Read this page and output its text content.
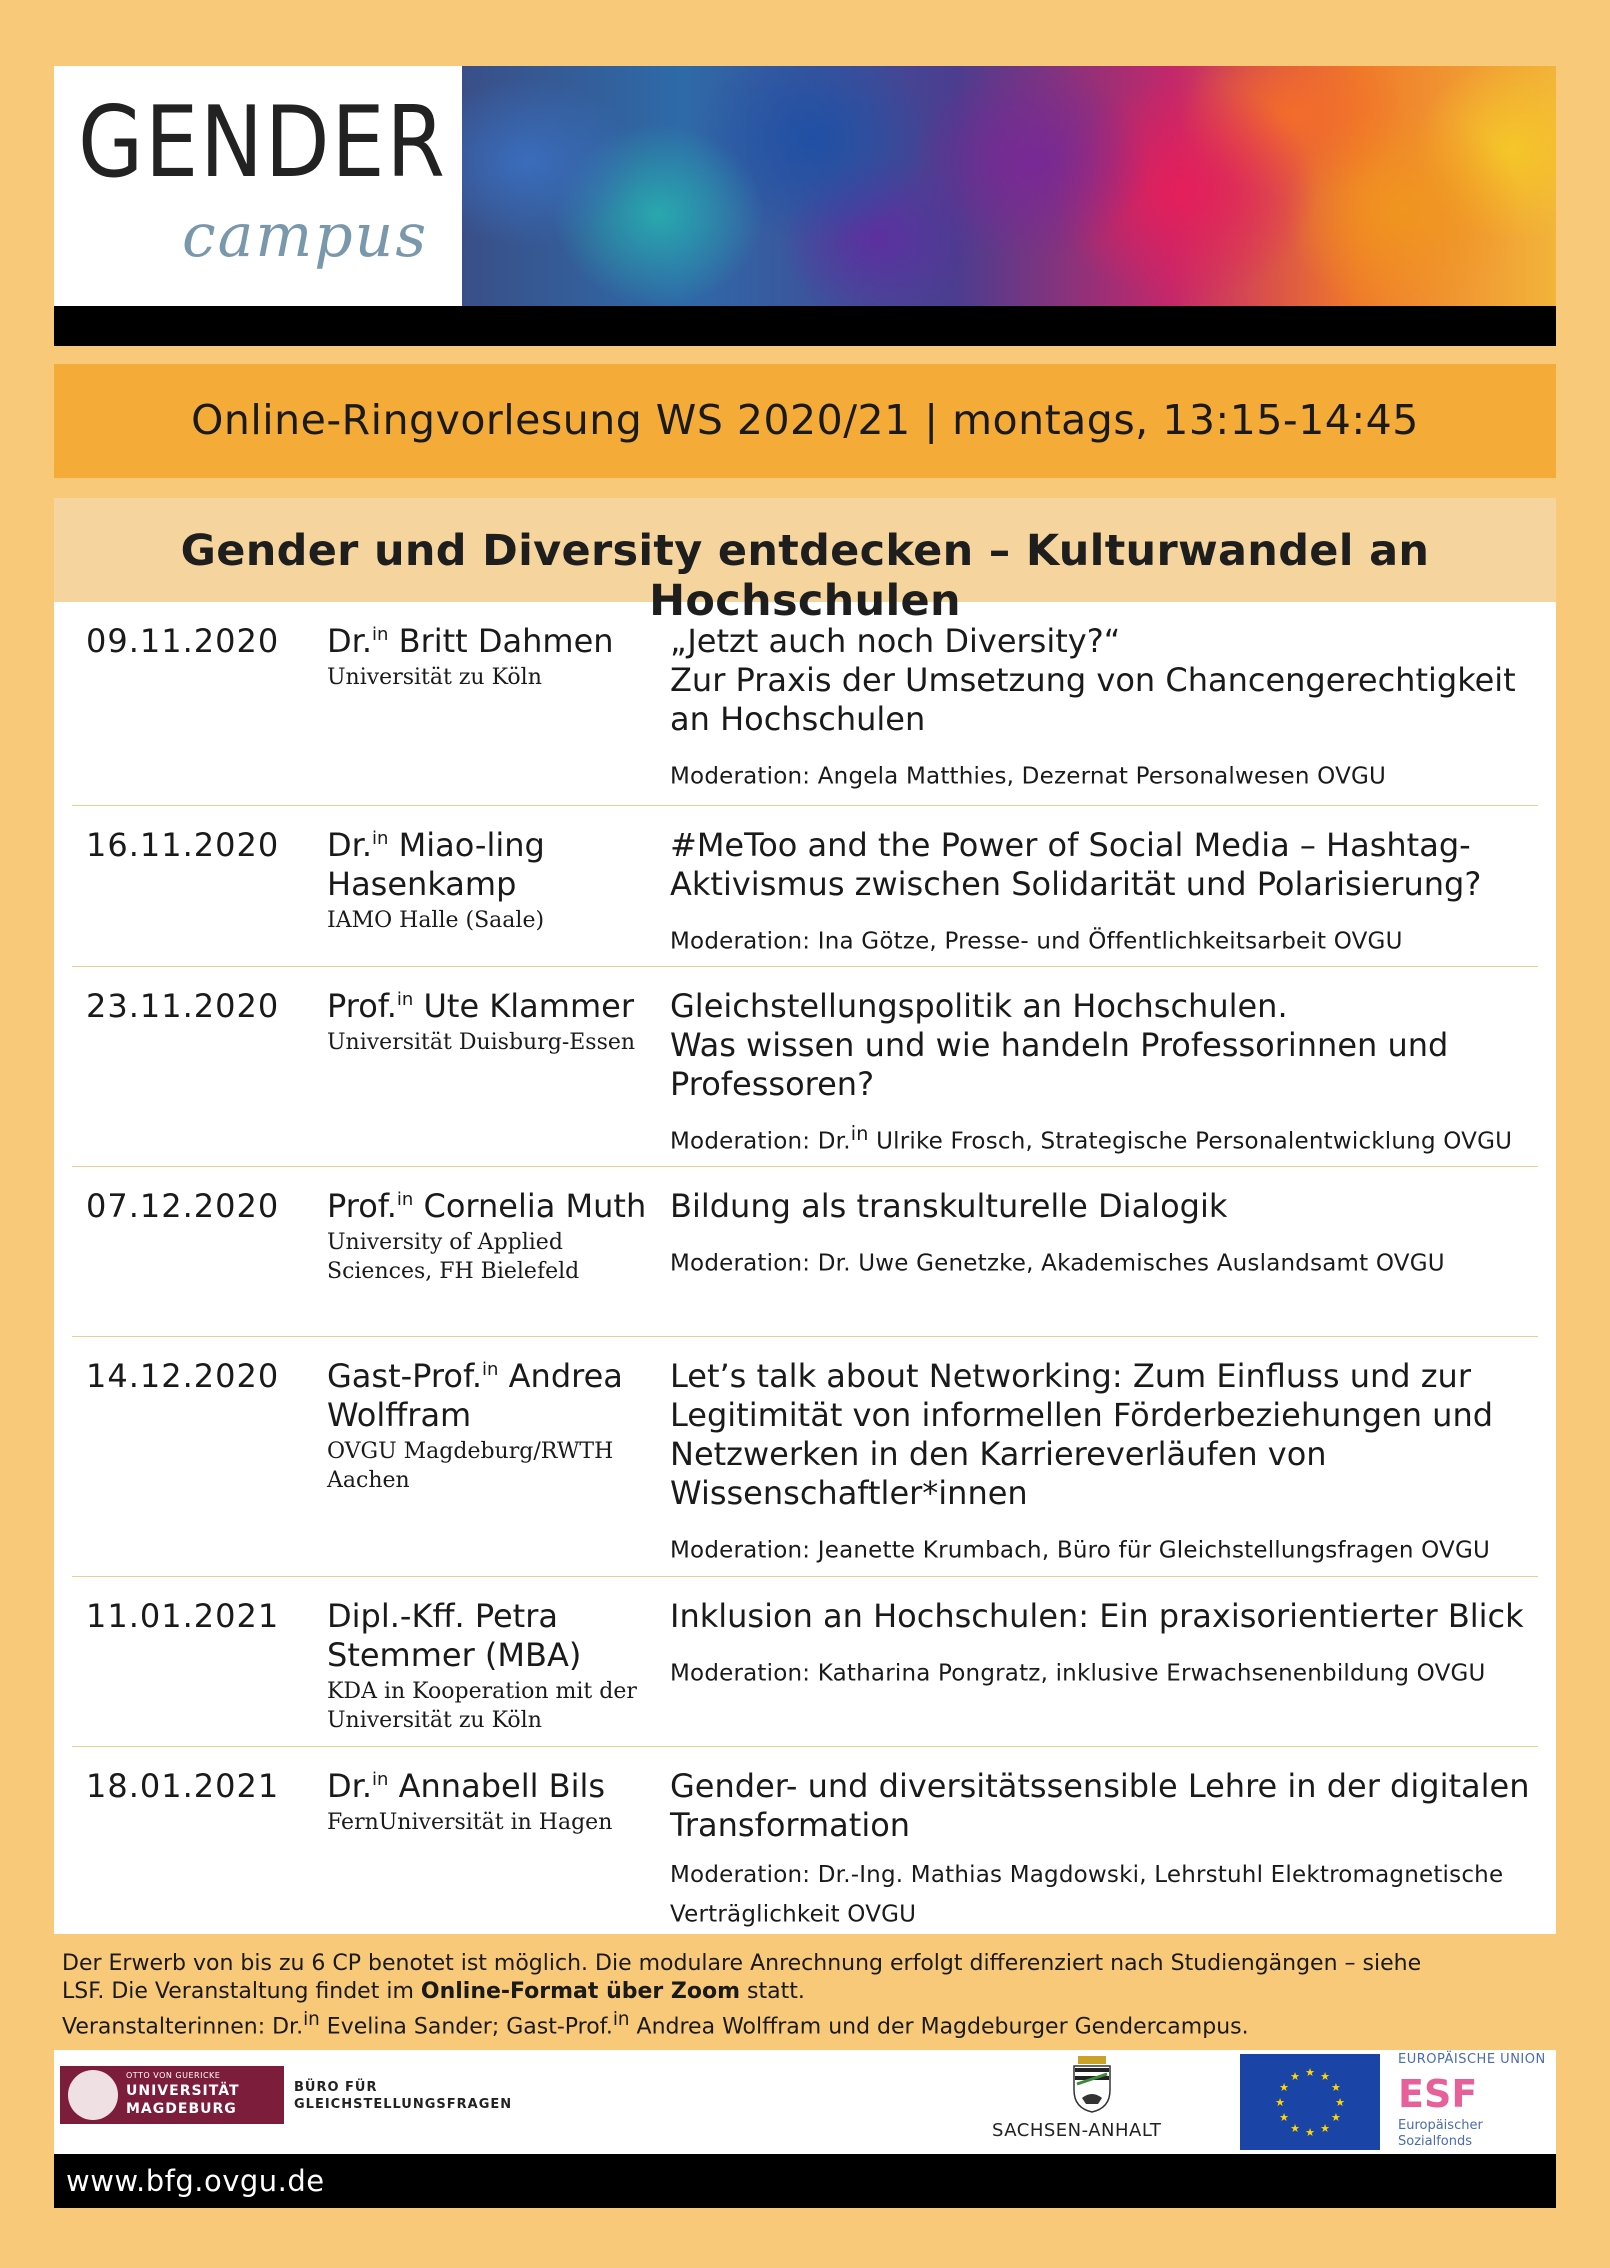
GENDER
campus
Online-Ringvorlesung WS 2020/21 | montags, 13:15-14:45
Gender und Diversity entdecken – Kulturwandel an Hochschulen
09.11.2020 Dr.$^{in}$ Britt Dahmen
Universität zu Köln
„Jetzt auch noch Diversity?“
Zur Praxis der Umsetzung von Chancengerechtigkeit
an Hochschulen
Moderation: Angela Matthies, Dezernat Personalwesen OVGU
16.11.2020 Dr.$^{in}$ Miao-ling Hasenkamp
IAMO Halle (Saale)
#MeToo and the Power of Social Media – Hashtag-
Aktivismus zwischen Solidarität und Polarisierung?
Moderation: Ina Götze, Presse- und Öffentlichkeitsarbeit OVGU
23.11.2020 Prof.$^{in}$ Ute Klammer
Universität Duisburg-Essen
Gleichstellungspolitik an Hochschulen.
Was wissen und wie handeln Professorinnen und
Professoren?
Moderation: Dr.$^{in}$ Ulrike Frosch, Strategische Personalentwicklung OVGU
07.12.2020 Prof.$^{in}$ Cornelia Muth
University of Applied Sciences, FH Bielefeld
Bildung als transkulturelle Dialogik
Moderation: Dr. Uwe Genetzke, Akademisches Auslandsamt OVGU
14.12.2020 Gast-Prof.$^{in}$ Andrea Wolffram
OVGU Magdeburg/RWTH Aachen
Let’s talk about Networking: Zum Einfluss und zur
Legitimität von informellen Förderbeziehungen und
Netzwerken in den Karriereverläufen von
Wissenschaftler*innen
Moderation: Jeanette Krumbach, Büro für Gleichstellungsfragen OVGU
11.01.2021 Dipl.-Kff. Petra Stemmer (MBA)
KDA in Kooperation mit der Universität zu Köln
Inklusion an Hochschulen: Ein praxisorientierter Blick
Moderation: Katharina Pongratz, inklusive Erwachsenenbildung OVGU
18.01.2021 Dr.$^{in}$ Annabell Bils
FernUniversität in Hagen
Gender- und diversitätssensible Lehre in der digitalen
Transformation
Moderation: Dr.-Ing. Mathias Magdowski, Lehrstuhl Elektromagnetische Verträglichkeit OVGU
Der Erwerb von bis zu 6 CP benotet ist möglich. Die modulare Anrechnung erfolgt differenziert nach Studiengängen – siehe
LSF. Die Veranstaltung findet im Online-Format über Zoom statt.
Veranstalterinnen: Dr.$^{in}$ Evelina Sander; Gast-Prof.$^{in}$ Andrea Wolffram und der Magdeburger Gendercampus.
OTTO VON GUERICKE
UNIVERSITÄT
MAGDEBURG
BÜRO FÜR
GLEICHSTELLUNGSFRAGEN
SACHSEN-ANHALT
★
★
★
★
★
★
★
★
★ ★ ★
★
EUROPÄISCHE UNION
ESF
Europäischer
Sozialfonds
www.bfg.ovgu.de
